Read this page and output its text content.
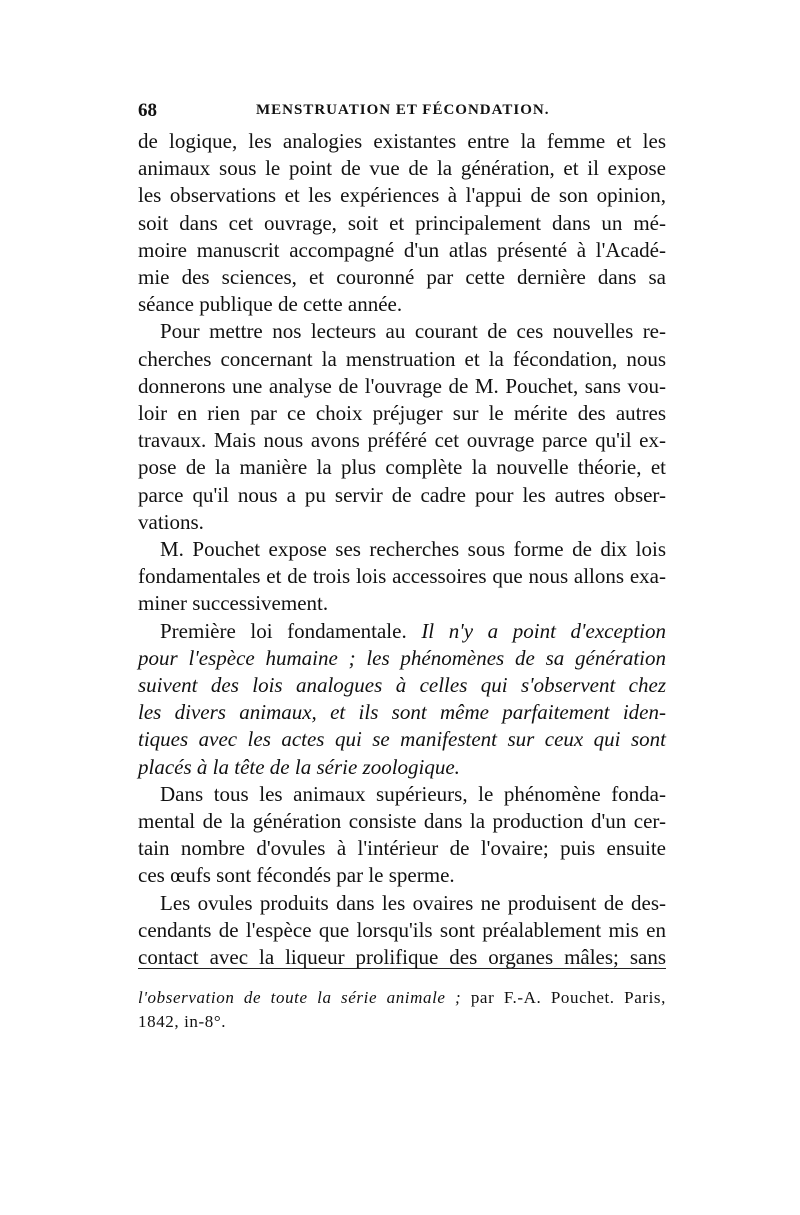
68	MENSTRUATION ET FÉCONDATION.

de logique, les analogies existantes entre la femme et les
animaux sous le point de vue de la génération, et il expose
les observations et les expériences à l'appui de son opinion,
soit dans cet ouvrage, soit et principalement dans un mé-
moire manuscrit accompagné d'un atlas présenté à l'Acadé-
mie des sciences, et couronné par cette dernière dans sa
séance publique de cette année.

Pour mettre nos lecteurs au courant de ces nouvelles re-
cherches concernant la menstruation et la fécondation, nous
donnerons une analyse de l'ouvrage de M. Pouchet, sans vou-
loir en rien par ce choix préjuger sur le mérite des autres
travaux. Mais nous avons préféré cet ouvrage parce qu'il ex-
pose de la manière la plus complète la nouvelle théorie, et
parce qu'il nous a pu servir de cadre pour les autres obser-
vations.

M. Pouchet expose ses recherches sous forme de dix lois
fondamentales et de trois lois accessoires que nous allons exa-
miner successivement.

Première loi fondamentale. Il n'y a point d'exception
pour l'espèce humaine ; les phénomènes de sa génération
suivent des lois analogues à celles qui s'observent chez
les divers animaux, et ils sont même parfaitement iden-
tiques avec les actes qui se manifestent sur ceux qui sont
placés à la tête de la série zoologique.

Dans tous les animaux supérieurs, le phénomène fonda-
mental de la génération consiste dans la production d'un cer-
tain nombre d'ovules à l'intérieur de l'ovaire; puis ensuite
ces œufs sont fécondés par le sperme.

Les ovules produits dans les ovaires ne produisent de des-
cendants de l'espèce que lorsqu'ils sont préalablement mis en
contact avec la liqueur prolifique des organes mâles; sans

l'observation de toute la série animale ; par F.-A. Pouchet. Paris,
1842, in-8°.
